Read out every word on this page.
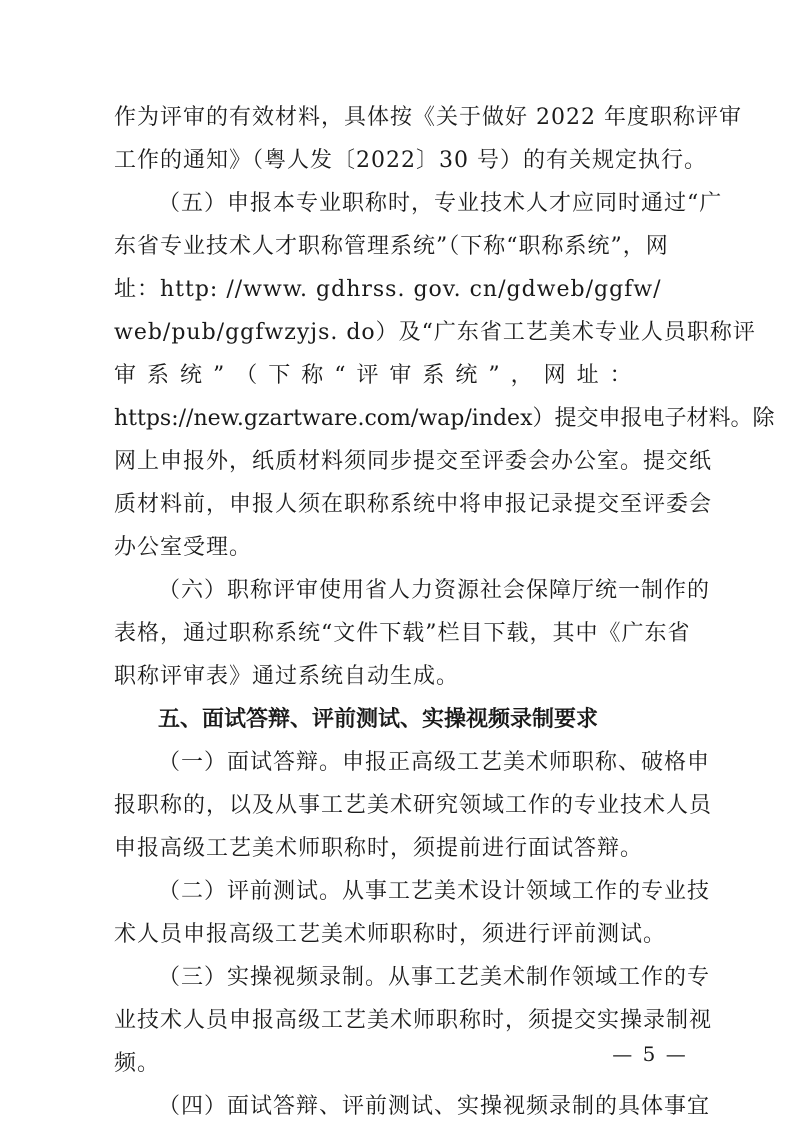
作为评审的有效材料，具体按《关于做好 2022 年度职称评审
工作的通知》（粤人发〔2022〕30 号）的有关规定执行。
（五）申报本专业职称时，专业技术人才应同时通过“广
东省专业技术人才职称管理系统”（下称“职称系统”，网
址：http: //www. gdhrss. gov. cn/gdweb/ggfw/
web/pub/ggfwzyjs. do）及“广东省工艺美术专业人员职称评
审 系 统 ” （ 下 称 “ 评 审 系 统 ” ， 网 址 ：
https://new.gzartware.com/wap/index）提交申报电子材料。除
网上申报外，纸质材料须同步提交至评委会办公室。提交纸
质材料前，申报人须在职称系统中将申报记录提交至评委会
办公室受理。
（六）职称评审使用省人力资源社会保障厅统一制作的
表格，通过职称系统“文件下载”栏目下载，其中《广东省
职称评审表》通过系统自动生成。
五、面试答辩、评前测试、实操视频录制要求
（一）面试答辩。申报正高级工艺美术师职称、破格申
报职称的，以及从事工艺美术研究领域工作的专业技术人员
申报高级工艺美术师职称时，须提前进行面试答辩。
（二）评前测试。从事工艺美术设计领域工作的专业技
术人员申报高级工艺美术师职称时，须进行评前测试。
（三）实操视频录制。从事工艺美术制作领域工作的专
业技术人员申报高级工艺美术师职称时，须提交实操录制视
频。
（四）面试答辩、评前测试、实操视频录制的具体事宜
— 5 —
